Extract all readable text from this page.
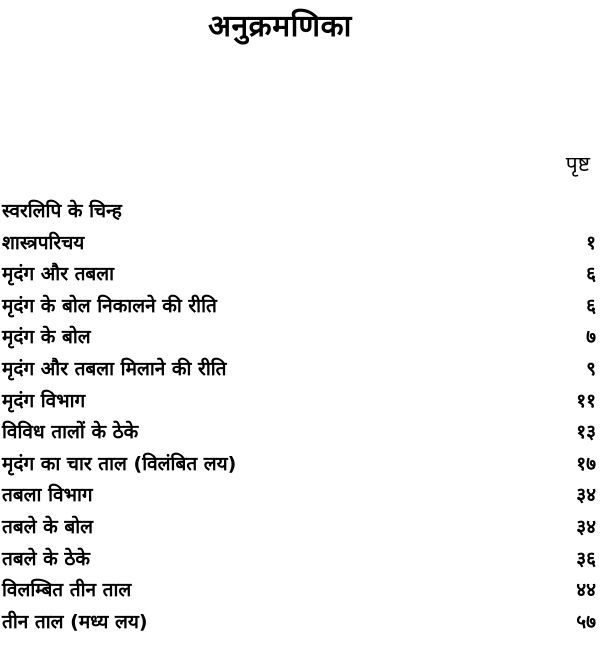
अनुक्रमणिका
पृष्ट
स्वरलिपि के चिन्ह
शास्त्रपरिचय	१
मृदंग और तबला	६
मृदंग के बोल निकालने की रीति	६
मृदंग के बोल	७
मृदंग और तबला मिलाने की रीति	९
मृदंग विभाग	११
विविध तालों के ठेके	१३
मृदंग का चार ताल (विलंबित लय)	१७
तबला विभाग	३४
तबले के बोल	३४
तबले के ठेके	३६
विलम्बित तीन ताल	४४
तीन ताल (मध्य लय)	५७
